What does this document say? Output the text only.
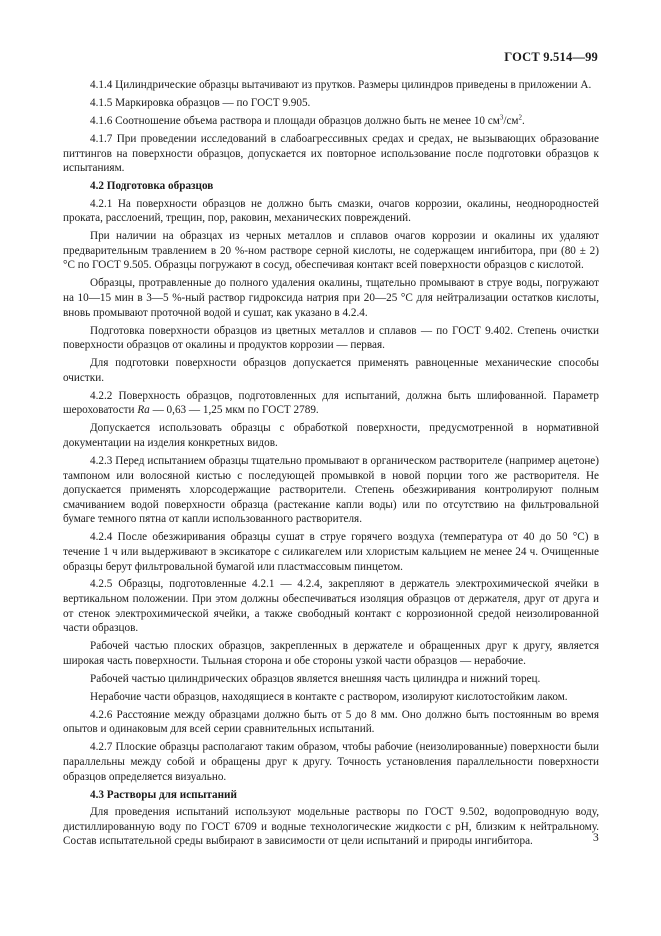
ГОСТ 9.514—99

4.1.4 Цилиндрические образцы вытачивают из прутков. Размеры цилиндров приведены в приложении А.

4.1.5 Маркировка образцов — по ГОСТ 9.905.

4.1.6 Соотношение объема раствора и площади образцов должно быть не менее 10 $см^3/см^2$.

4.1.7 При проведении исследований в слабоагрессивных средах и средах, не вызывающих образование питтингов на поверхности образцов, допускается их повторное использование после подготовки образцов к испытаниям.

4.2 Подготовка образцов

4.2.1 На поверхности образцов не должно быть смазки, очагов коррозии, окалины, неоднородностей проката, расслоений, трещин, пор, раковин, механических повреждений.

При наличии на образцах из черных металлов и сплавов очагов коррозии и окалины их удаляют предварительным травлением в 20 %-ном растворе серной кислоты, не содержащем ингибитора, при (80 ± 2) °С по ГОСТ 9.505. Образцы погружают в сосуд, обеспечивая контакт всей поверхности образцов с кислотой.

Образцы, протравленные до полного удаления окалины, тщательно промывают в струе воды, погружают на 10—15 мин в 3—5 %-ный раствор гидроксида натрия при 20—25 °С для нейтрализации остатков кислоты, вновь промывают проточной водой и сушат, как указано в 4.2.4.

Подготовка поверхности образцов из цветных металлов и сплавов — по ГОСТ 9.402. Степень очистки поверхности образцов от окалины и продуктов коррозии — первая.

Для подготовки поверхности образцов допускается применять равноценные механические способы очистки.

4.2.2 Поверхность образцов, подготовленных для испытаний, должна быть шлифованной. Параметр шероховатости Ra — 0,63 — 1,25 мкм по ГОСТ 2789.

Допускается использовать образцы с обработкой поверхности, предусмотренной в нормативной документации на изделия конкретных видов.

4.2.3 Перед испытанием образцы тщательно промывают в органическом растворителе (например ацетоне) тампоном или волосяной кистью с последующей промывкой в новой порции того же растворителя. Не допускается применять хлорсодержащие растворители. Степень обезжиривания контролируют полным смачиванием водой поверхности образца (растекание капли воды) или по отсутствию на фильтровальной бумаге темного пятна от капли использованного растворителя.

4.2.4 После обезжиривания образцы сушат в струе горячего воздуха (температура от 40 до 50 °С) в течение 1 ч или выдерживают в эксикаторе с силикагелем или хлористым кальцием не менее 24 ч. Очищенные образцы берут фильтровальной бумагой или пластмассовым пинцетом.

4.2.5 Образцы, подготовленные 4.2.1 — 4.2.4, закрепляют в держатель электрохимической ячейки в вертикальном положении. При этом должны обеспечиваться изоляция образцов от держателя, друг от друга и от стенок электрохимической ячейки, а также свободный контакт с коррозионной средой неизолированной части образцов.

Рабочей частью плоских образцов, закрепленных в держателе и обращенных друг к другу, является широкая часть поверхности. Тыльная сторона и обе стороны узкой части образцов — нерабочие.

Рабочей частью цилиндрических образцов является внешняя часть цилиндра и нижний торец.

Нерабочие части образцов, находящиеся в контакте с раствором, изолируют кислотостойким лаком.

4.2.6 Расстояние между образцами должно быть от 5 до 8 мм. Оно должно быть постоянным во время опытов и одинаковым для всей серии сравнительных испытаний.

4.2.7 Плоские образцы располагают таким образом, чтобы рабочие (неизолированные) поверхности были параллельны между собой и обращены друг к другу. Точность установления параллельности поверхности образцов определяется визуально.

4.3 Растворы для испытаний

Для проведения испытаний используют модельные растворы по ГОСТ 9.502, водопроводную воду, дистиллированную воду по ГОСТ 6709 и водные технологические жидкости с рН, близким к нейтральному. Состав испытательной среды выбирают в зависимости от цели испытаний и природы ингибитора.	3
